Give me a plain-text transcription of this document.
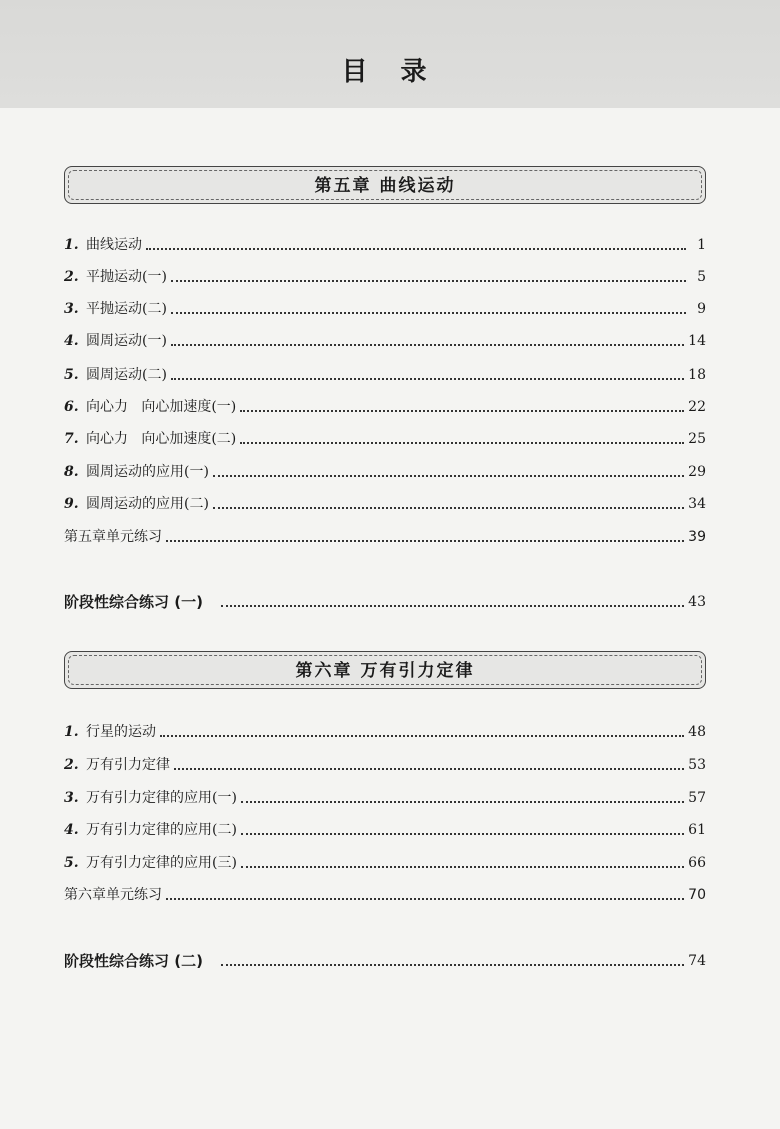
目 录
第五章 曲线运动
1. 曲线运动	1
2. 平抛运动(一)	5
3. 平抛运动(二)	9
4. 圆周运动(一)	14
5. 圆周运动(二)	18
6. 向心力   向心加速度(一)	22
7. 向心力   向心加速度(二)	25
8. 圆周运动的应用(一)	29
9. 圆周运动的应用(二)	34
第五章单元练习	39
阶段性综合练习 (一)	43
第六章 万有引力定律
1. 行星的运动	48
2. 万有引力定律	53
3. 万有引力定律的应用(一)	57
4. 万有引力定律的应用(二)	61
5. 万有引力定律的应用(三)	66
第六章单元练习	70
阶段性综合练习 (二)	74
